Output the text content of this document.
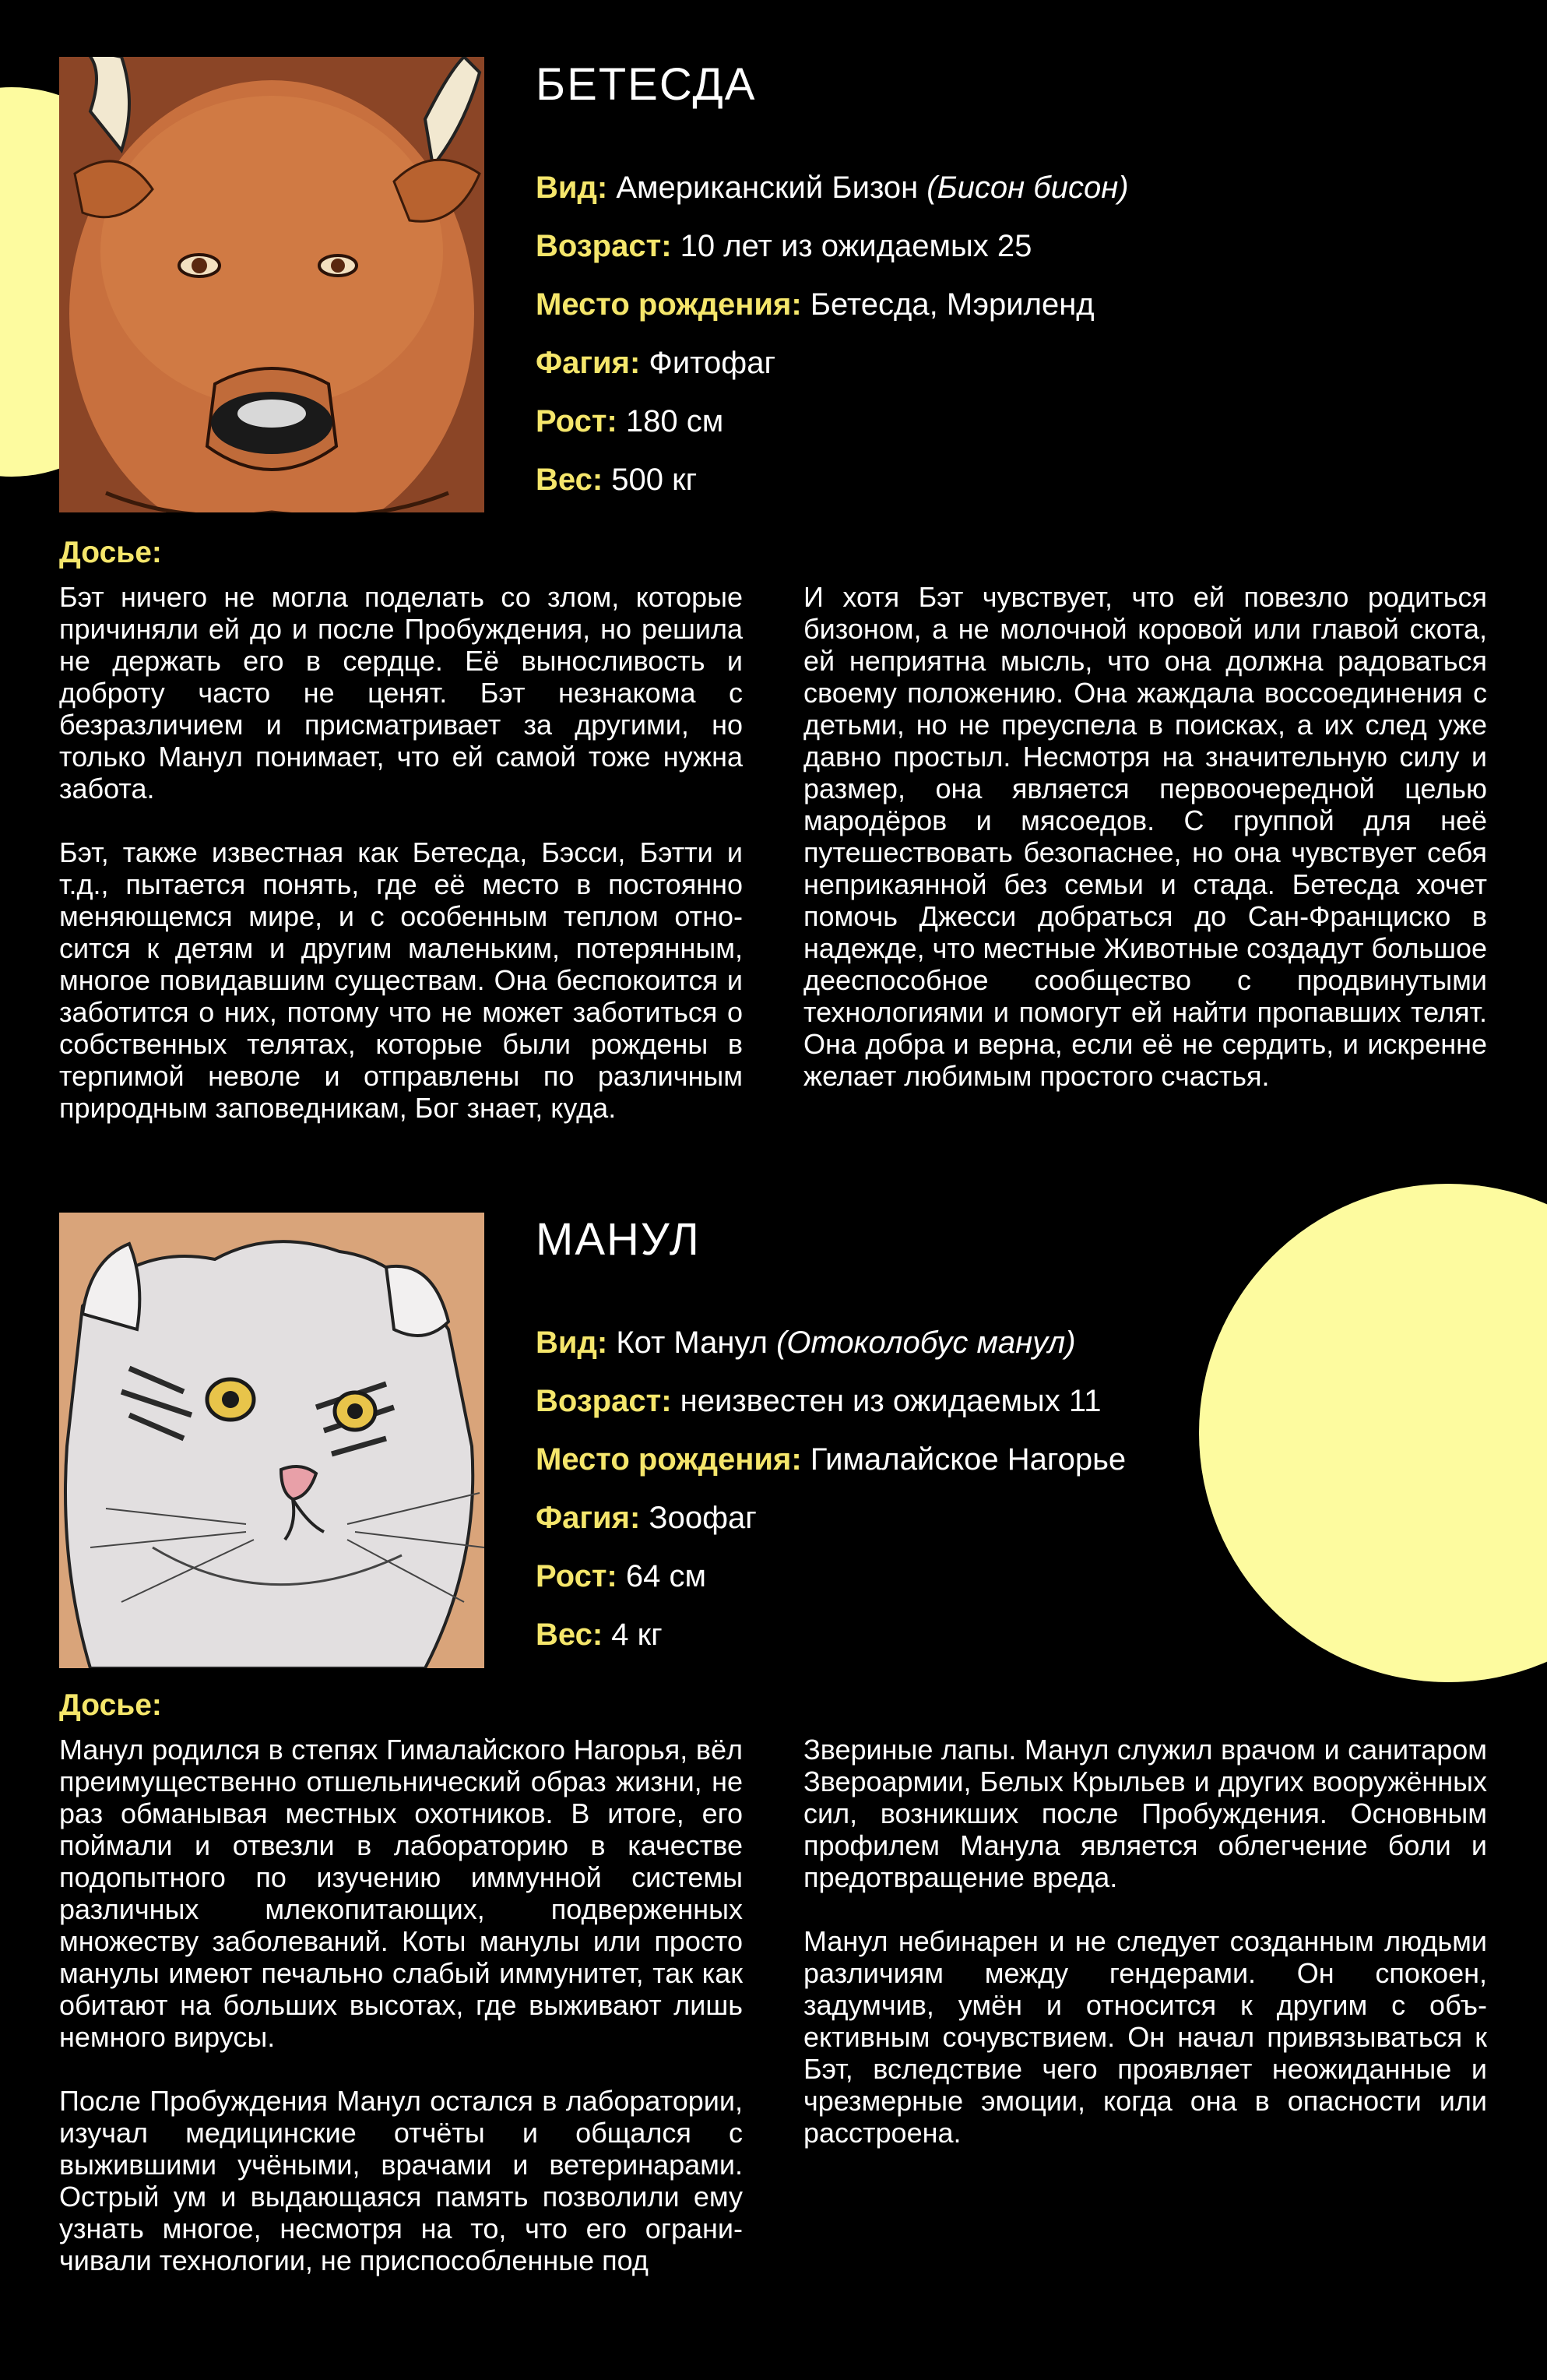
БЕТЕСДА
Вид: Американский Бизон (Бисон бисон)
Возраст: 10 лет из ожидаемых 25
Место рождения: Бетесда, Мэриленд
Фагия: Фитофаг
Рост: 180 см
Вес: 500 кг
Досье:

Бэт ничего не могла поделать со злом, которые причиняли ей до и после Пробуждения, но решила не держать его в сердце. Её выносливость и доброту часто не ценят. Бэт незнакома с безразличием и присматривает за другими, но только Манул понимает, что ей самой тоже нужна забота.

Бэт, также известная как Бетесда, Бэсси, Бэтти и т.д., пытается понять, где её место в постоянно меняющемся мире, и с особенным теплом относится к детям и другим маленьким, потерянным, многое повидавшим существам. Она беспокоится и заботится о них, потому что не может заботиться о собственных телятах, которые были рождены в терпимой неволе и отправлены по различным природным заповедникам, Бог знает, куда.

И хотя Бэт чувствует, что ей повезло родиться бизоном, а не молочной коровой или главой скота, ей неприятна мысль, что она должна радоваться своему положению. Она жаждала воссоединения с детьми, но не преуспела в поисках, а их след уже давно простыл. Несмотря на значительную силу и размер, она является первоочередной целью мародёров и мясоедов. С группой для неё путешествовать безопаснее, но она чувствует себя неприкаянной без семьи и стада. Бетесда хочет помочь Джесси добраться до Сан-Франциско в надежде, что местные Животные создадут большое дееспособное сообщество с продвинутыми технологиями и помогут ей найти пропавших телят. Она добра и верна, если её не сердить, и искренне желает любимым простого счастья.

МАНУЛ
Вид: Кот Манул (Отоколобус манул)
Возраст: неизвестен из ожидаемых 11
Место рождения: Гималайское Нагорье
Фагия: Зоофаг
Рост: 64 см
Вес: 4 кг
Досье:

Манул родился в степях Гималайского Нагорья, вёл преимущественно отшельнический образ жизни, не раз обманывая местных охотников. В итоге, его поймали и отвезли в лабораторию в качестве подопытного по изучению иммунной системы различных млекопитающих, подверженных множеству заболеваний. Коты манулы или просто манулы имеют печально слабый иммунитет, так как обитают на больших высотах, где выживают лишь немного вирусы.

После Пробуждения Манул остался в лаборатории, изучал медицинские отчёты и общался с выжившими учёными, врачами и ветеринарами. Острый ум и выдающаяся память позволили ему узнать многое, несмотря на то, что его ограничивали технологии, не приспособленные под

Звериные лапы. Манул служил врачом и санитаром Звероармии, Белых Крыльев и других вооружённых сил, возникших после Пробуждения. Основным профилем Манула является облегчение боли и предотвращение вреда.

Манул небинарен и не следует созданным людьми различиям между гендерами. Он спокоен, задумчив, умён и относится к другим с объективным сочувствием. Он начал привязываться к Бэт, вследствие чего проявляет неожиданные и чрезмерные эмоции, когда она в опасности или расстроена.
